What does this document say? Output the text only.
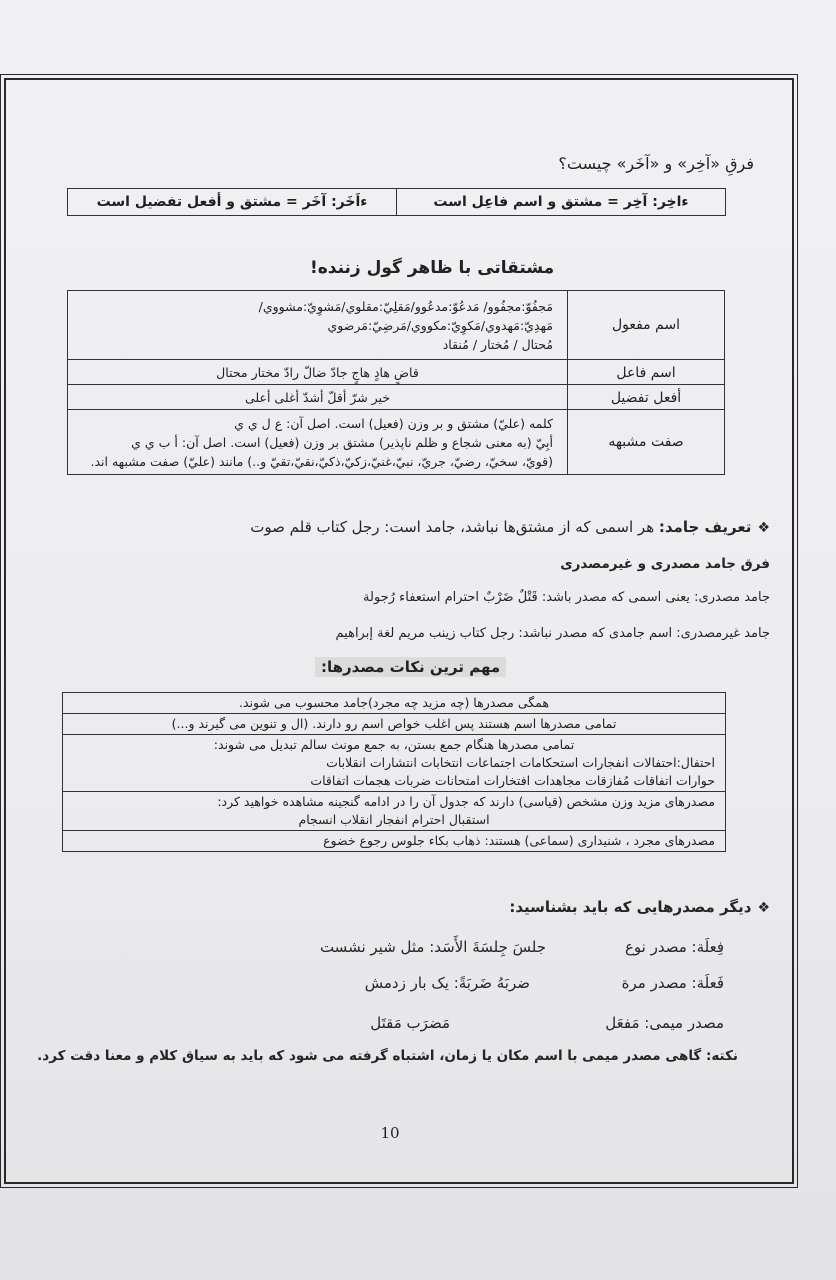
فرقِ «آخِر» و «آخَر» چیست؟
ءاخِر: آخِر = مشتق و اسم فاعِل است
ءاَخَر: آخَر = مشتق و أفعل تفضیل است
مشتقاتی با ظاهر گول زننده!
اسم مفعول
مَجفُوّ:مجفُوو/ مَدعُوّ:مدعُوو/مَقلِيّ:مقلوي/مَشوِيّ:مشووي/
مَهدِيّ:مَهدوي/مَكوِيّ:مكووي/مَرضِيّ:مَرضوي
مُحتال / مُختار / مُنقاد
اسم فاعل
قاضٍ هادٍ هاجٍ جادّ ضالّ رادّ مختار محتال
أفعل تفضیل
خیر شرّ أقلّ أشدّ أغلی أعلی
صفت مشبهه
کلمه (عليّ) مشتق و بر وزن (فعیل) است. اصل آن: ع ل ي ي
أبِيّ (به معنی شجاع و ظلم ناپذیر) مشتق بر وزن (فعیل) است. اصل آن: أ ب ي ي
(قويّ، سخيّ، رضيّ، جريّ، نبيّ،غنيّ،زكيّ،ذكيّ،نقيّ،تقيّ و..) مانند (عليّ) صفت مشبهه اند.
❖تعریف جامد: هر اسمی که از مشتق‌ها نباشد، جامد است: رجل کتاب قلم صوت
فرق جامد مصدری و غیرمصدری
جامد مصدری: یعنی اسمی که مصدر باشد: قَتْلٌ ضَرْبٌ احترام استعفاء رُجولة
جامد غیرمصدری: اسم جامدی که مصدر نباشد: رجل کتاب زینب مریم لغة إبراهیم
مهم ترین نکات مصدرها:
همگی مصدرها (چه مزید چه مجرد)جامد محسوب می شوند.
تمامی مصدرها اسم هستند پس اغلب خواص اسم رو دارند. (ال و تنوین می گیرند و...)
تمامی مصدرها هنگام جمع بستن، به جمع مونث سالم تبدیل می شوند:
احتفال:احتفالات انفجارات استحکامات اجتماعات انتخابات انتشارات انقلابات
حوارات اتفاقات مُفازقات مجاهدات افتخارات امتحانات ضربات هجمات اتفاقات
مصدرهای مزید وزن مشخص (قیاسی) دارند که جدول آن را در ادامه گنجینه مشاهده خواهید کرد:
استقبال احترام انفجار انقلاب انسجام
مصدرهای مجرد ، شنیداری (سماعی) هستند: ذهاب بکاء جلوس رجوع خضوع
❖دیگر مصدرهایی که باید بشناسید:
فِعلَة: مصدر نوع
جلسَ جِلسَةَ الأَسَد: مثل شیر نشست
فَعلَة: مصدر مرة
ضربَهُ ضَربَةً: یک بار زدمش
مصدر میمی: مَفعَل
مَضرَب مَقتَل
نکته: گاهی مصدر میمی با اسم مکان یا زمان، اشتباه گرفته می شود که باید به سیاق کلام و معنا دقت کرد.
10
